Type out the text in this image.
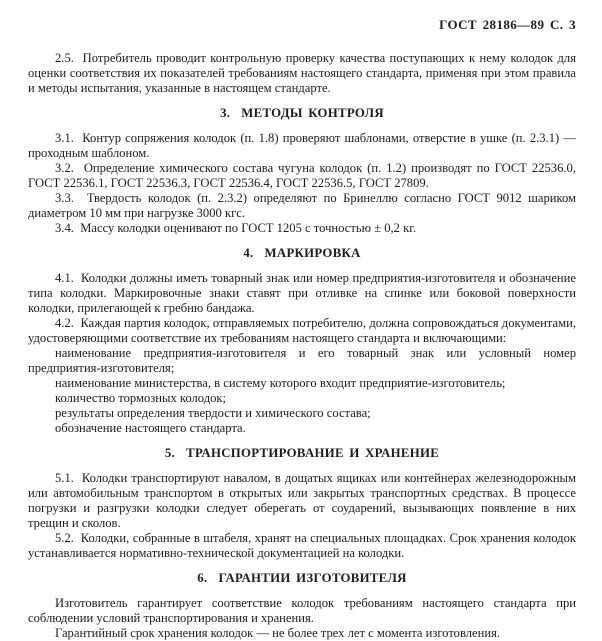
ГОСТ 28186—89 С. 3

2.5.  Потребитель проводит контрольную проверку качества поступающих к нему колодок для оценки соответствия их показателей требованиям настоящего стандарта, применяя при этом правила и методы испытания, указанные в настоящем стандарте.

3.  МЕТОДЫ КОНТРОЛЯ

3.1.  Контур сопряжения колодок (п. 1.8) проверяют шаблонами, отверстие в ушке (п. 2.3.1) — проходным шаблоном.

3.2.  Определение химического состава чугуна колодок (п. 1.2) производят по ГОСТ 22536.0, ГОСТ 22536.1, ГОСТ 22536.3, ГОСТ 22536.4, ГОСТ 22536.5, ГОСТ 27809.

3.3.  Твердость колодок (п. 2.3.2) определяют по Бринеллю согласно ГОСТ 9012 шариком диаметром 10 мм при нагрузке 3000 кгс.

3.4.  Массу колодки оценивают по ГОСТ 1205 с точностью ± 0,2 кг.

4.  МАРКИРОВКА

4.1.  Колодки должны иметь товарный знак или номер предприятия-изготовителя и обозначение типа колодки. Маркировочные знаки ставят при отливке на спинке или боковой поверхности колодки, прилегающей к гребню бандажа.

4.2.  Каждая партия колодок, отправляемых потребителю, должна сопровождаться документами, удостоверяющими соответствие их требованиям настоящего стандарта и включающими:

наименование предприятия-изготовителя и его товарный знак или условный номер предприятия-изготовителя;

наименование министерства, в систему которого входит предприятие-изготовитель;

количество тормозных колодок;

результаты определения твердости и химического состава;

обозначение настоящего стандарта.

5.  ТРАНСПОРТИРОВАНИЕ И ХРАНЕНИЕ

5.1.  Колодки транспортируют навалом, в дощатых ящиках или контейнерах железнодорожным или автомобильным транспортом в открытых или закрытых транспортных средствах. В процессе погрузки и разгрузки колодки следует оберегать от соударений, вызывающих появление в них трещин и сколов.

5.2.  Колодки, собранные в штабеля, хранят на специальных площадках. Срок хранения колодок устанавливается нормативно-технической документацией на колодки.

6.  ГАРАНТИИ ИЗГОТОВИТЕЛЯ

Изготовитель гарантирует соответствие колодок требованиям настоящего стандарта при соблюдении условий транспортирования и хранения.

Гарантийный срок хранения колодок — не более трех лет с момента изготовления.
